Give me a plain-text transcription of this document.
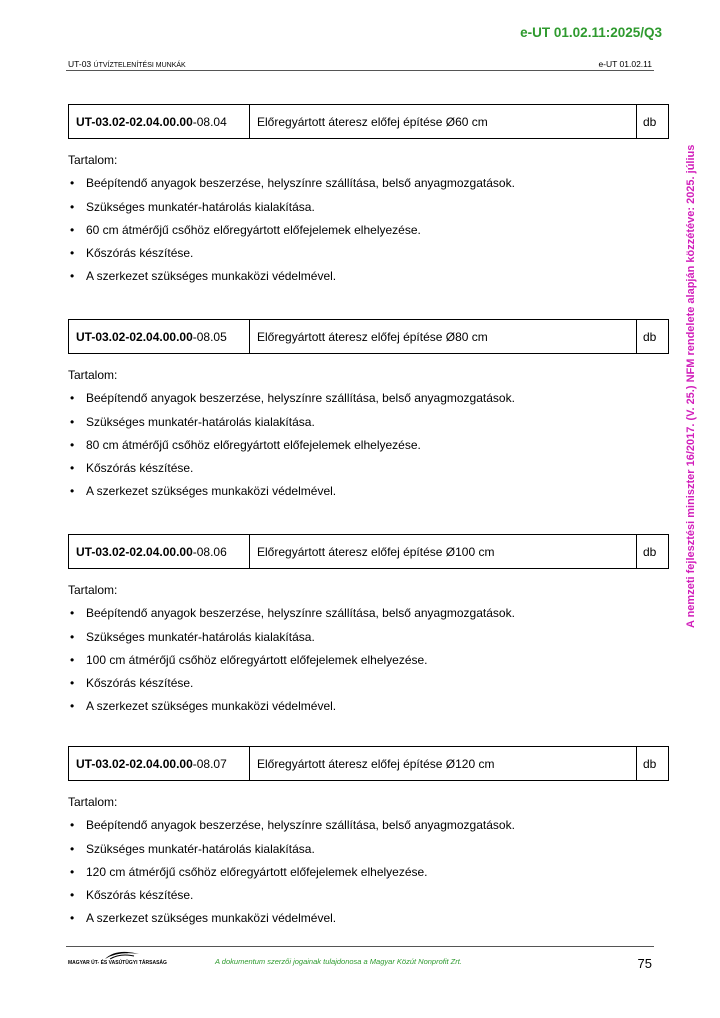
e-UT 01.02.11:2025/Q3
UT-03 ÚTVÍZTELENÍTÉSI MUNKÁK	e-UT 01.02.11
A nemzeti fejlesztési miniszter 16/2017. (V. 25.) NFM rendelete alapján közzétéve: 2025. július
UT-03.02-02.04.00.00-08.04	Előregyártott áteresz előfej építése Ø60 cm	db
Tartalom:
• Beépítendő anyagok beszerzése, helyszínre szállítása, belső anyagmozgatások.
• Szükséges munkatér-határolás kialakítása.
• 60 cm átmérőjű csőhöz előregyártott előfejelemek elhelyezése.
• Kőszórás készítése.
• A szerkezet szükséges munkaközi védelmével.
UT-03.02-02.04.00.00-08.05	Előregyártott áteresz előfej építése Ø80 cm	db
Tartalom:
• Beépítendő anyagok beszerzése, helyszínre szállítása, belső anyagmozgatások.
• Szükséges munkatér-határolás kialakítása.
• 80 cm átmérőjű csőhöz előregyártott előfejelemek elhelyezése.
• Kőszórás készítése.
• A szerkezet szükséges munkaközi védelmével.
UT-03.02-02.04.00.00-08.06	Előregyártott áteresz előfej építése Ø100 cm	db
Tartalom:
• Beépítendő anyagok beszerzése, helyszínre szállítása, belső anyagmozgatások.
• Szükséges munkatér-határolás kialakítása.
• 100 cm átmérőjű csőhöz előregyártott előfejelemek elhelyezése.
• Kőszórás készítése.
• A szerkezet szükséges munkaközi védelmével.
UT-03.02-02.04.00.00-08.07	Előregyártott áteresz előfej építése Ø120 cm	db
Tartalom:
• Beépítendő anyagok beszerzése, helyszínre szállítása, belső anyagmozgatások.
• Szükséges munkatér-határolás kialakítása.
• 120 cm átmérőjű csőhöz előregyártott előfejelemek elhelyezése.
• Kőszórás készítése.
• A szerkezet szükséges munkaközi védelmével.
MAGYAR ÚT- ÉS VASÚTÜGYI TÁRSASÁG	A dokumentum szerzői jogainak tulajdonosa a Magyar Közút Nonprofit Zrt.	75
